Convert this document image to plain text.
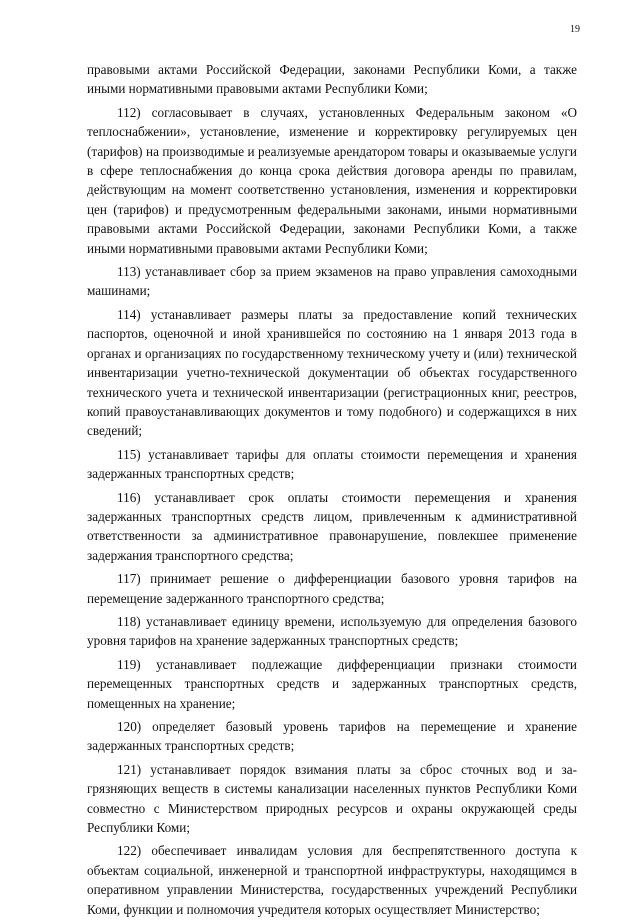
19

правовыми актами Российской Федерации, законами Республики Коми, а также иными нормативными правовыми актами Республики Коми;

112) согласовывает в случаях, установленных Федеральным законом «О теплоснабжении», установление, изменение и корректировку регулируемых цен (тарифов) на производимые и реализуемые арендатором товары и оказываемые услуги в сфере теплоснабжения до конца срока действия договора аренды по правилам, действующим на момент соответственно установления, изменения и корректировки цен (тарифов) и предусмотренным федеральными законами, иными нормативными правовыми актами Российской Федерации, законами Республики Коми, а также иными нормативными правовыми актами Республики Коми;

113) устанавливает сбор за прием экзаменов на право управления самоходными машинами;

114) устанавливает размеры платы за предоставление копий технических паспортов, оценочной и иной хранившейся по состоянию на 1 января 2013 года в органах и организациях по государственному техническому учету и (или) технической инвентаризации учетно-технической документации об объектах государственного технического учета и технической инвентаризации (регистрационных книг, реестров, копий правоустанавливающих документов и тому подобного) и содержащихся в них сведений;

115) устанавливает тарифы для оплаты стоимости перемещения и хранения задержанных транспортных средств;

116) устанавливает срок оплаты стоимости перемещения и хранения задержанных транспортных средств лицом, привлеченным к административной ответственности за административное правонарушение, повлекшее применение задержания транспортного средства;

117) принимает решение о дифференциации базового уровня тарифов на перемещение задержанного транспортного средства;

118) устанавливает единицу времени, используемую для определения базового уровня тарифов на хранение задержанных транспортных средств;

119) устанавливает подлежащие дифференциации признаки стоимости перемещенных транспортных средств и задержанных транспортных средств, помещенных на хранение;

120) определяет базовый уровень тарифов на перемещение и хранение задержанных транспортных средств;

121) устанавливает порядок взимания платы за сброс сточных вод и загрязняющих веществ в системы канализации населенных пунктов Республики Коми совместно с Министерством природных ресурсов и охраны окружающей среды Республики Коми;

122) обеспечивает инвалидам условия для беспрепятственного доступа к объектам социальной, инженерной и транспортной инфраструктуры, находящимся в оперативном управлении Министерства, государственных учреждений Республики Коми, функции и полномочия учредителя которых осуществляет Министерство;
